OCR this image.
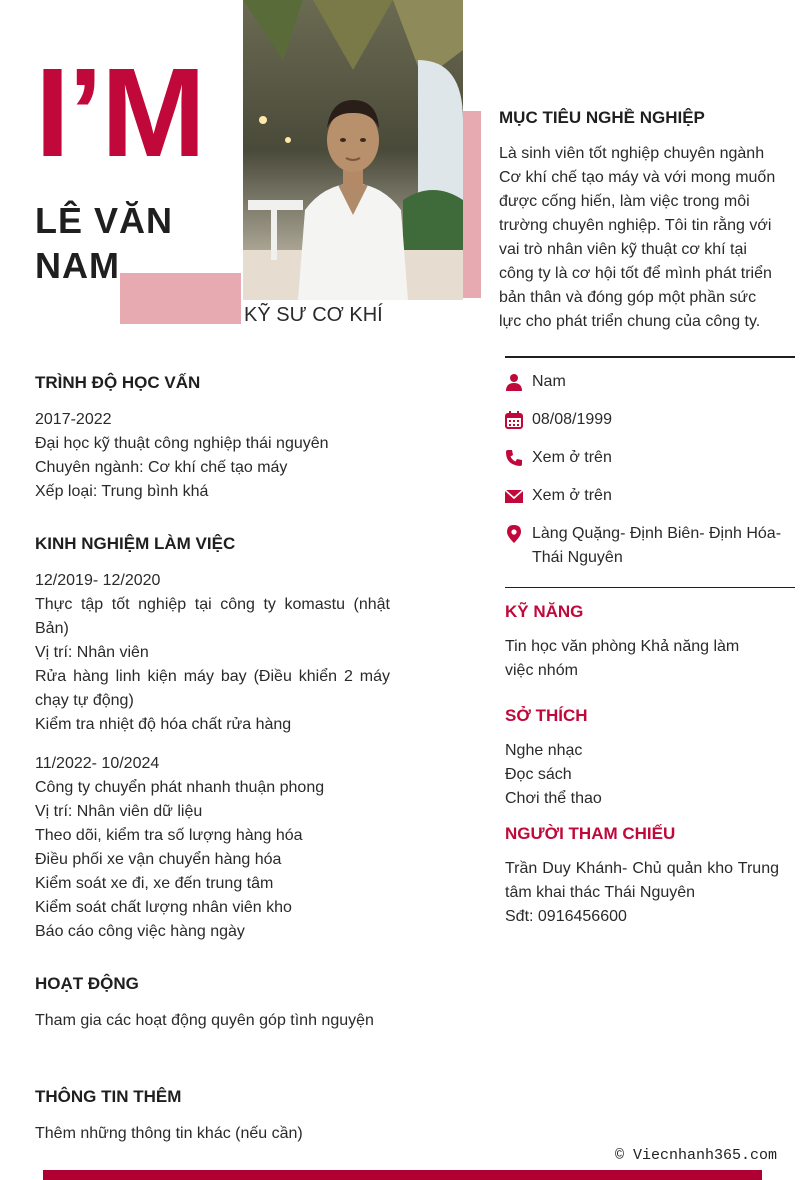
I’M
LÊ VĂN NAM
KỸ SƯ CƠ KHÍ
MỤC TIÊU NGHỀ NGHIỆP
Là sinh viên tốt nghiệp chuyên ngành Cơ khí chế tạo máy và với mong muốn được cống hiến, làm việc trong môi trường chuyên nghiệp. Tôi tin rằng với vai trò nhân viên kỹ thuật cơ khí tại công ty là cơ hội tốt để mình phát triển bản thân và đóng góp một phần sức lực cho phát triển chung của công ty.
Nam
08/08/1999
Xem ở trên
Xem ở trên
Làng Quặng- Định Biên- Định Hóa- Thái Nguyên
KỸ NĂNG
Tin học văn phòng Khả năng làm việc nhóm
SỞ THÍCH
Nghe nhạc
Đọc sách
Chơi thể thao
NGƯỜI THAM CHIẾU
Trần Duy Khánh- Chủ quản kho Trung tâm khai thác Thái Nguyên
Sđt: 0916456600
TRÌNH ĐỘ HỌC VẤN
2017-2022
Đại học kỹ thuật công nghiệp thái nguyên
Chuyên ngành: Cơ khí chế tạo máy
Xếp loại: Trung bình khá
KINH NGHIỆM LÀM VIỆC
12/2019- 12/2020
Thực tập tốt nghiệp tại công ty komastu (nhật Bản)
Vị trí: Nhân viên
Rửa hàng linh kiện máy bay (Điều khiển 2 máy chạy tự động)
Kiểm tra nhiệt độ hóa chất rửa hàng
11/2022- 10/2024
Công ty chuyển phát nhanh thuận phong
Vị trí: Nhân viên dữ liệu
Theo dõi, kiểm tra số lượng hàng hóa
Điều phối xe vận chuyển hàng hóa
Kiểm soát xe đi, xe đến trung tâm
Kiểm soát chất lượng nhân viên kho
Báo cáo công việc hàng ngày
HOẠT ĐỘNG
Tham gia các hoạt động quyên góp tình nguyện
THÔNG TIN THÊM
Thêm những thông tin khác (nếu cần)
© Viecnhanh365.com
